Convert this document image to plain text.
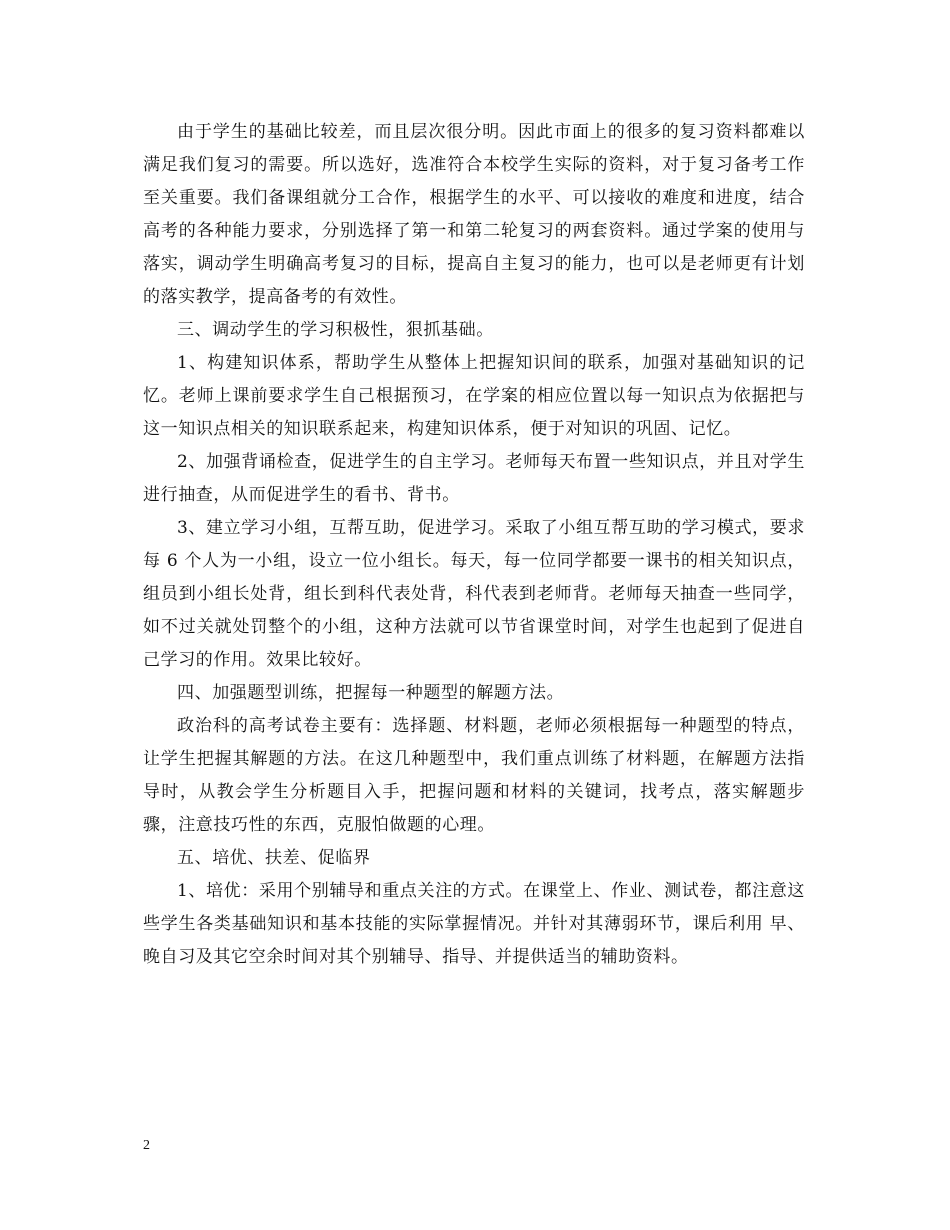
由于学生的基础比较差，而且层次很分明。因此市面上的很多的复习资料都难以满足我们复习的需要。所以选好，选准符合本校学生实际的资料，对于复习备考工作至关重要。我们备课组就分工合作，根据学生的水平、可以接收的难度和进度，结合高考的各种能力要求，分别选择了第一和第二轮复习的两套资料。通过学案的使用与落实，调动学生明确高考复习的目标，提高自主复习的能力，也可以是老师更有计划的落实教学，提高备考的有效性。

三、调动学生的学习积极性，狠抓基础。

1、构建知识体系，帮助学生从整体上把握知识间的联系，加强对基础知识的记忆。老师上课前要求学生自己根据预习，在学案的相应位置以每一知识点为依据把与这一知识点相关的知识联系起来，构建知识体系，便于对知识的巩固、记忆。

2、加强背诵检查，促进学生的自主学习。老师每天布置一些知识点，并且对学生进行抽查，从而促进学生的看书、背书。

3、建立学习小组，互帮互助，促进学习。采取了小组互帮互助的学习模式，要求每 6 个人为一小组，设立一位小组长。每天，每一位同学都要一课书的相关知识点，组员到小组长处背，组长到科代表处背，科代表到老师背。老师每天抽查一些同学，如不过关就处罚整个的小组，这种方法就可以节省课堂时间，对学生也起到了促进自己学习的作用。效果比较好。

四、加强题型训练，把握每一种题型的解题方法。

政治科的高考试卷主要有：选择题、材料题，老师必须根据每一种题型的特点，让学生把握其解题的方法。在这几种题型中，我们重点训练了材料题，在解题方法指导时，从教会学生分析题目入手，把握问题和材料的关键词，找考点，落实解题步骤，注意技巧性的东西，克服怕做题的心理。

五、培优、扶差、促临界

1、培优：采用个别辅导和重点关注的方式。在课堂上、作业、测试卷，都注意这些学生各类基础知识和基本技能的实际掌握情况。并针对其薄弱环节，课后利用 早、晚自习及其它空余时间对其个别辅导、指导、并提供适当的辅助资料。

2
